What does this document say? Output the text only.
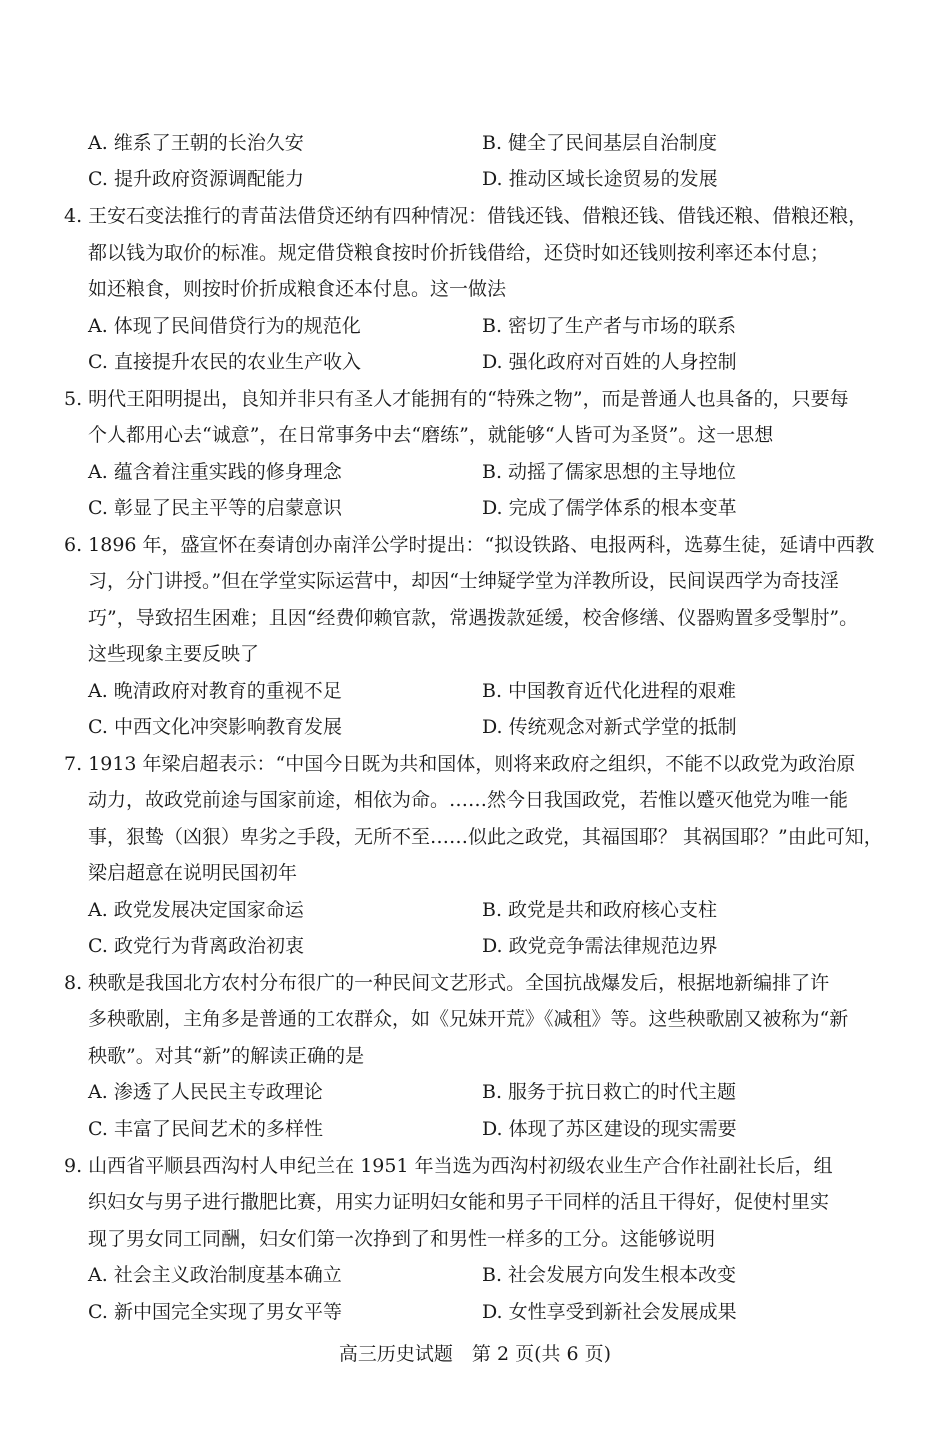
A. 维系了王朝的长治久安	B. 健全了民间基层自治制度
C. 提升政府资源调配能力	D. 推动区域长途贸易的发展
4. 王安石变法推行的青苗法借贷还纳有四种情况：借钱还钱、借粮还钱、借钱还粮、借粮还粮，
都以钱为取价的标准。规定借贷粮食按时价折钱借给，还贷时如还钱则按利率还本付息；
如还粮食，则按时价折成粮食还本付息。这一做法
A. 体现了民间借贷行为的规范化	B. 密切了生产者与市场的联系
C. 直接提升农民的农业生产收入	D. 强化政府对百姓的人身控制
5. 明代王阳明提出，良知并非只有圣人才能拥有的“特殊之物”，而是普通人也具备的，只要每
个人都用心去“诚意”，在日常事务中去“磨练”，就能够“人皆可为圣贤”。这一思想
A. 蕴含着注重实践的修身理念	B. 动摇了儒家思想的主导地位
C. 彰显了民主平等的启蒙意识	D. 完成了儒学体系的根本变革
6. 1896 年，盛宣怀在奏请创办南洋公学时提出：“拟设铁路、电报两科，选募生徒，延请中西教
习，分门讲授。”但在学堂实际运营中，却因“士绅疑学堂为洋教所设，民间误西学为奇技淫
巧”，导致招生困难；且因“经费仰赖官款，常遇拨款延缓，校舍修缮、仪器购置多受掣肘”。
这些现象主要反映了
A. 晚清政府对教育的重视不足	B. 中国教育近代化进程的艰难
C. 中西文化冲突影响教育发展	D. 传统观念对新式学堂的抵制
7. 1913 年梁启超表示：“中国今日既为共和国体，则将来政府之组织，不能不以政党为政治原
动力，故政党前途与国家前途，相依为命。……然今日我国政党，若惟以蹙灭他党为唯一能
事，狠鸷（凶狠）卑劣之手段，无所不至……似此之政党，其福国耶？ 其祸国耶？”由此可知，
梁启超意在说明民国初年
A. 政党发展决定国家命运	B. 政党是共和政府核心支柱
C. 政党行为背离政治初衷	D. 政党竞争需法律规范边界
8. 秧歌是我国北方农村分布很广的一种民间文艺形式。全国抗战爆发后，根据地新编排了许
多秧歌剧，主角多是普通的工农群众，如《兄妹开荒》《减租》等。这些秧歌剧又被称为“新
秧歌”。对其“新”的解读正确的是
A. 渗透了人民民主专政理论	B. 服务于抗日救亡的时代主题
C. 丰富了民间艺术的多样性	D. 体现了苏区建设的现实需要
9. 山西省平顺县西沟村人申纪兰在 1951 年当选为西沟村初级农业生产合作社副社长后，组
织妇女与男子进行撒肥比赛，用实力证明妇女能和男子干同样的活且干得好，促使村里实
现了男女同工同酬，妇女们第一次挣到了和男性一样多的工分。这能够说明
A. 社会主义政治制度基本确立	B. 社会发展方向发生根本改变
C. 新中国完全实现了男女平等	D. 女性享受到新社会发展成果
高三历史试题　第 2 页(共 6 页)
